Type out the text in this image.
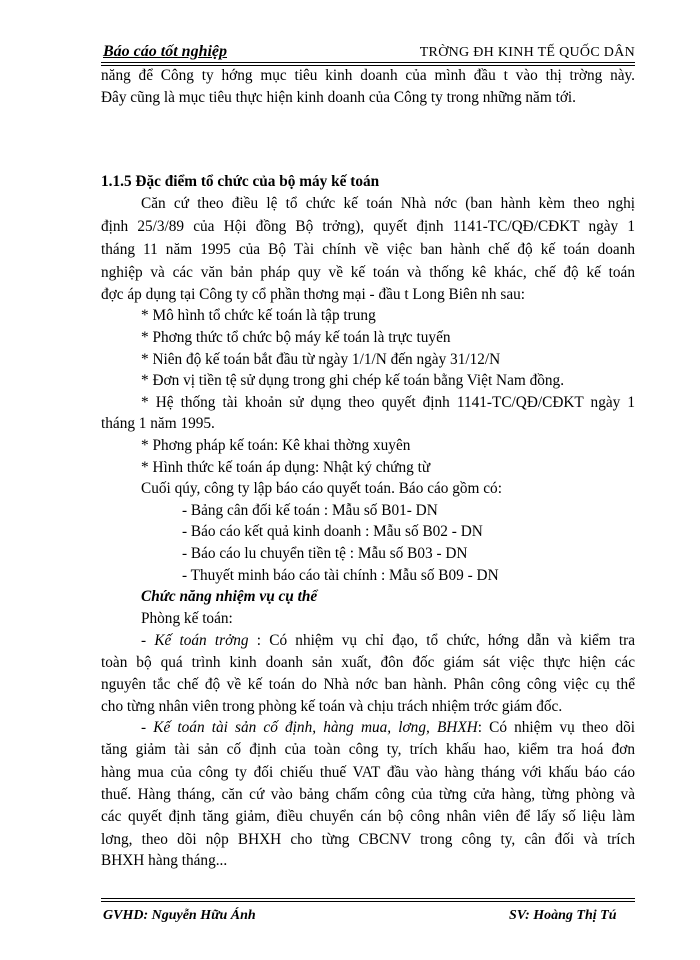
Báo cáo tốt nghiệp	TRỜNG ĐH KINH TẾ QUỐC DÂN
năng để Công ty hớng mục tiêu kinh doanh của mình đầu t vào thị trờng này.
Đây cũng là mục tiêu thực hiện kinh doanh của Công ty trong những năm tới.
1.1.5 Đặc điểm tổ chức của bộ máy kế toán
Căn cứ theo điều lệ tổ chức kế toán Nhà nớc (ban hành kèm theo nghị
định 25/3/89 của Hội đồng Bộ trởng), quyết định 1141-TC/QĐ/CĐKT ngày 1
tháng 11 năm 1995 của Bộ Tài chính về việc ban hành chế độ kế toán doanh
nghiệp và các văn bản pháp quy về kế toán và thống kê khác, chế độ kế toán
đợc áp dụng tại Công ty cổ phần thơng mại - đầu t Long Biên nh sau:
* Mô hình tổ chức kế toán là tập trung
* Phơng thức tổ chức bộ máy kế toán là trực tuyến
* Niên độ kế toán bắt đầu từ ngày 1/1/N đến ngày 31/12/N
* Đơn vị tiền tệ sử dụng trong ghi chép kế toán bằng Việt Nam đồng.
* Hệ thống tài khoản sử dụng theo quyết định 1141-TC/QĐ/CĐKT ngày 1
tháng 1 năm 1995.
* Phơng pháp kế toán: Kê khai thờng xuyên
* Hình thức kế toán áp dụng: Nhật ký chứng từ
Cuối qúy, công ty lập báo cáo quyết toán. Báo cáo gồm có:
- Bảng cân đối kế toán : Mẫu số B01- DN
- Báo cáo kết quả kinh doanh : Mẫu số B02 - DN
- Báo cáo lu chuyển tiền tệ : Mẫu số B03 - DN
- Thuyết minh báo cáo tài chính : Mẫu số B09 - DN
Chức năng nhiệm vụ cụ thể
Phòng kế toán:
- Kế toán trởng : Có nhiệm vụ chỉ đạo, tổ chức, hớng dẫn và kiểm tra
toàn bộ quá trình kinh doanh sản xuất, đôn đốc giám sát việc thực hiện các
nguyên tắc chế độ về kế toán do Nhà nớc ban hành. Phân công công việc cụ thể
cho từng nhân viên trong phòng kế toán và chịu trách nhiệm trớc giám đốc.
- Kế toán tài sản cố định, hàng mua, lơng, BHXH: Có nhiệm vụ theo dõi
tăng giảm tài sản cố định của toàn công ty, trích khấu hao, kiểm tra hoá đơn
hàng mua của công ty đối chiếu thuế VAT đầu vào hàng tháng với khấu báo cáo
thuế. Hàng tháng, căn cứ vào bảng chấm công của từng cửa hàng, từng phòng và
các quyết định tăng giảm, điều chuyển cán bộ công nhân viên để lấy số liệu làm
lơng, theo dõi nộp BHXH cho từng CBCNV trong công ty, cân đối và trích
BHXH hàng tháng...
GVHD: Nguyễn Hữu Ánh	SV: Hoàng Thị Tú
